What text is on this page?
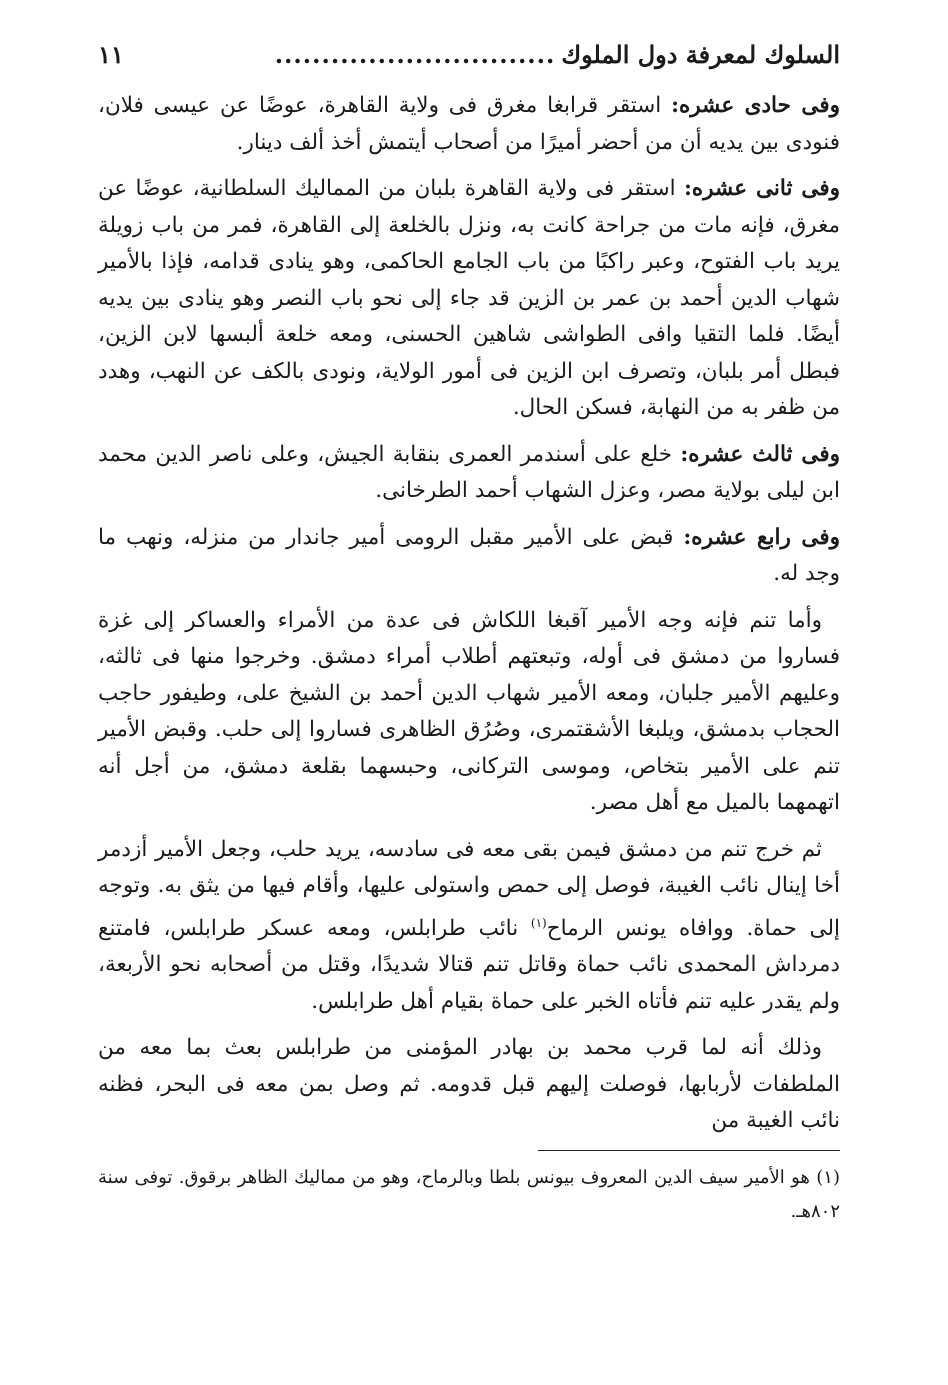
السلوك لمعرفة دول الملوك
..............................
١١

وفى حادى عشره: استقر قرابغا مغرق فى ولاية القاهرة، عوضًا عن عيسى فلان، فنودى بين يديه أن من أحضر أميرًا من أصحاب أيتمش أخذ ألف دينار.

وفى ثانى عشره: استقر فى ولاية القاهرة بلبان من المماليك السلطانية، عوضًا عن مغرق، فإنه مات من جراحة كانت به، ونزل بالخلعة إلى القاهرة، فمر من باب زويلة يريد باب الفتوح، وعبر راكبًا من باب الجامع الحاكمى، وهو ينادى قدامه، فإذا بالأمير شهاب الدين أحمد بن عمر بن الزين قد جاء إلى نحو باب النصر وهو ينادى بين يديه أيضًا. فلما التقيا وافى الطواشى شاهين الحسنى، ومعه خلعة ألبسها لابن الزين، فبطل أمر بلبان، وتصرف ابن الزين فى أمور الولاية، ونودى بالكف عن النهب، وهدد من ظفر به من النهابة، فسكن الحال.

وفى ثالث عشره: خلع على أسندمر العمرى بنقابة الجيش، وعلى ناصر الدين محمد ابن ليلى بولاية مصر، وعزل الشهاب أحمد الطرخانى.

وفى رابع عشره: قبض على الأمير مقبل الرومى أمير جاندار من منزله، ونهب ما وجد له.

وأما تنم فإنه وجه الأمير آقبغا اللكاش فى عدة من الأمراء والعساكر إلى غزة فساروا من دمشق فى أوله، وتبعتهم أطلاب أمراء دمشق. وخرجوا منها فى ثالثه، وعليهم الأمير جلبان، ومعه الأمير شهاب الدين أحمد بن الشيخ على، وطيفور حاجب الحجاب بدمشق، ويلبغا الأشقتمرى، وصُرُق الظاهرى فساروا إلى حلب. وقبض الأمير تنم على الأمير بتخاص، وموسى التركانى، وحبسهما بقلعة دمشق، من أجل أنه اتهمهما بالميل مع أهل مصر.

ثم خرج تنم من دمشق فيمن بقى معه فى سادسه، يريد حلب، وجعل الأمير أزدمر أخا إينال نائب الغيبة، فوصل إلى حمص واستولى عليها، وأقام فيها من يثق به. وتوجه إلى حماة. ووافاه يونس الرماح$^{(١)}$ نائب طرابلس، ومعه عسكر طرابلس، فامتنع دمرداش المحمدى نائب حماة وقاتل تنم قتالا شديدًا، وقتل من أصحابه نحو الأربعة، ولم يقدر عليه تنم فأتاه الخبر على حماة بقيام أهل طرابلس.

وذلك أنه لما قرب محمد بن بهادر المؤمنى من طرابلس بعث بما معه من الملطفات لأربابها، فوصلت إليهم قبل قدومه. ثم وصل بمن معه فى البحر، فظنه نائب الغيبة من

(١) هو الأمير سيف الدين المعروف بيونس بلطا وبالرماح، وهو من مماليك الظاهر برقوق. توفى سنة ٨٠٢هـ.
